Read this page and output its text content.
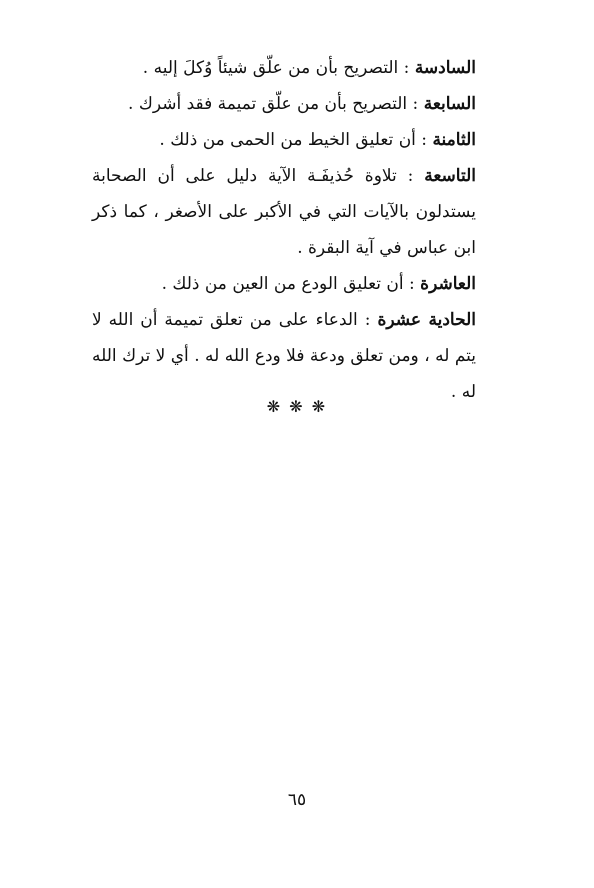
السادسة : التصريح بأن من علّق شيئاً وُكلَ إليه .

السابعة : التصريح بأن من علّق تميمة فقد أشرك .

الثامنة : أن تعليق الخيط من الحمى من ذلك .

التاسعة : تلاوة حُذيفَـة الآية دليل على أن الصحابة يستدلون بالآيات التي في الأكبر على الأصغر ، كما ذكر ابن عباس في آية البقرة .

العاشرة : أن تعليق الودع من العين من ذلك .

الحادية عشرة : الدعاء على من تعلق تميمة أن الله لا يتم له ، ومن تعلق ودعة فلا ودع الله له . أي لا ترك الله له .

❋ ❋ ❋
٦٥
